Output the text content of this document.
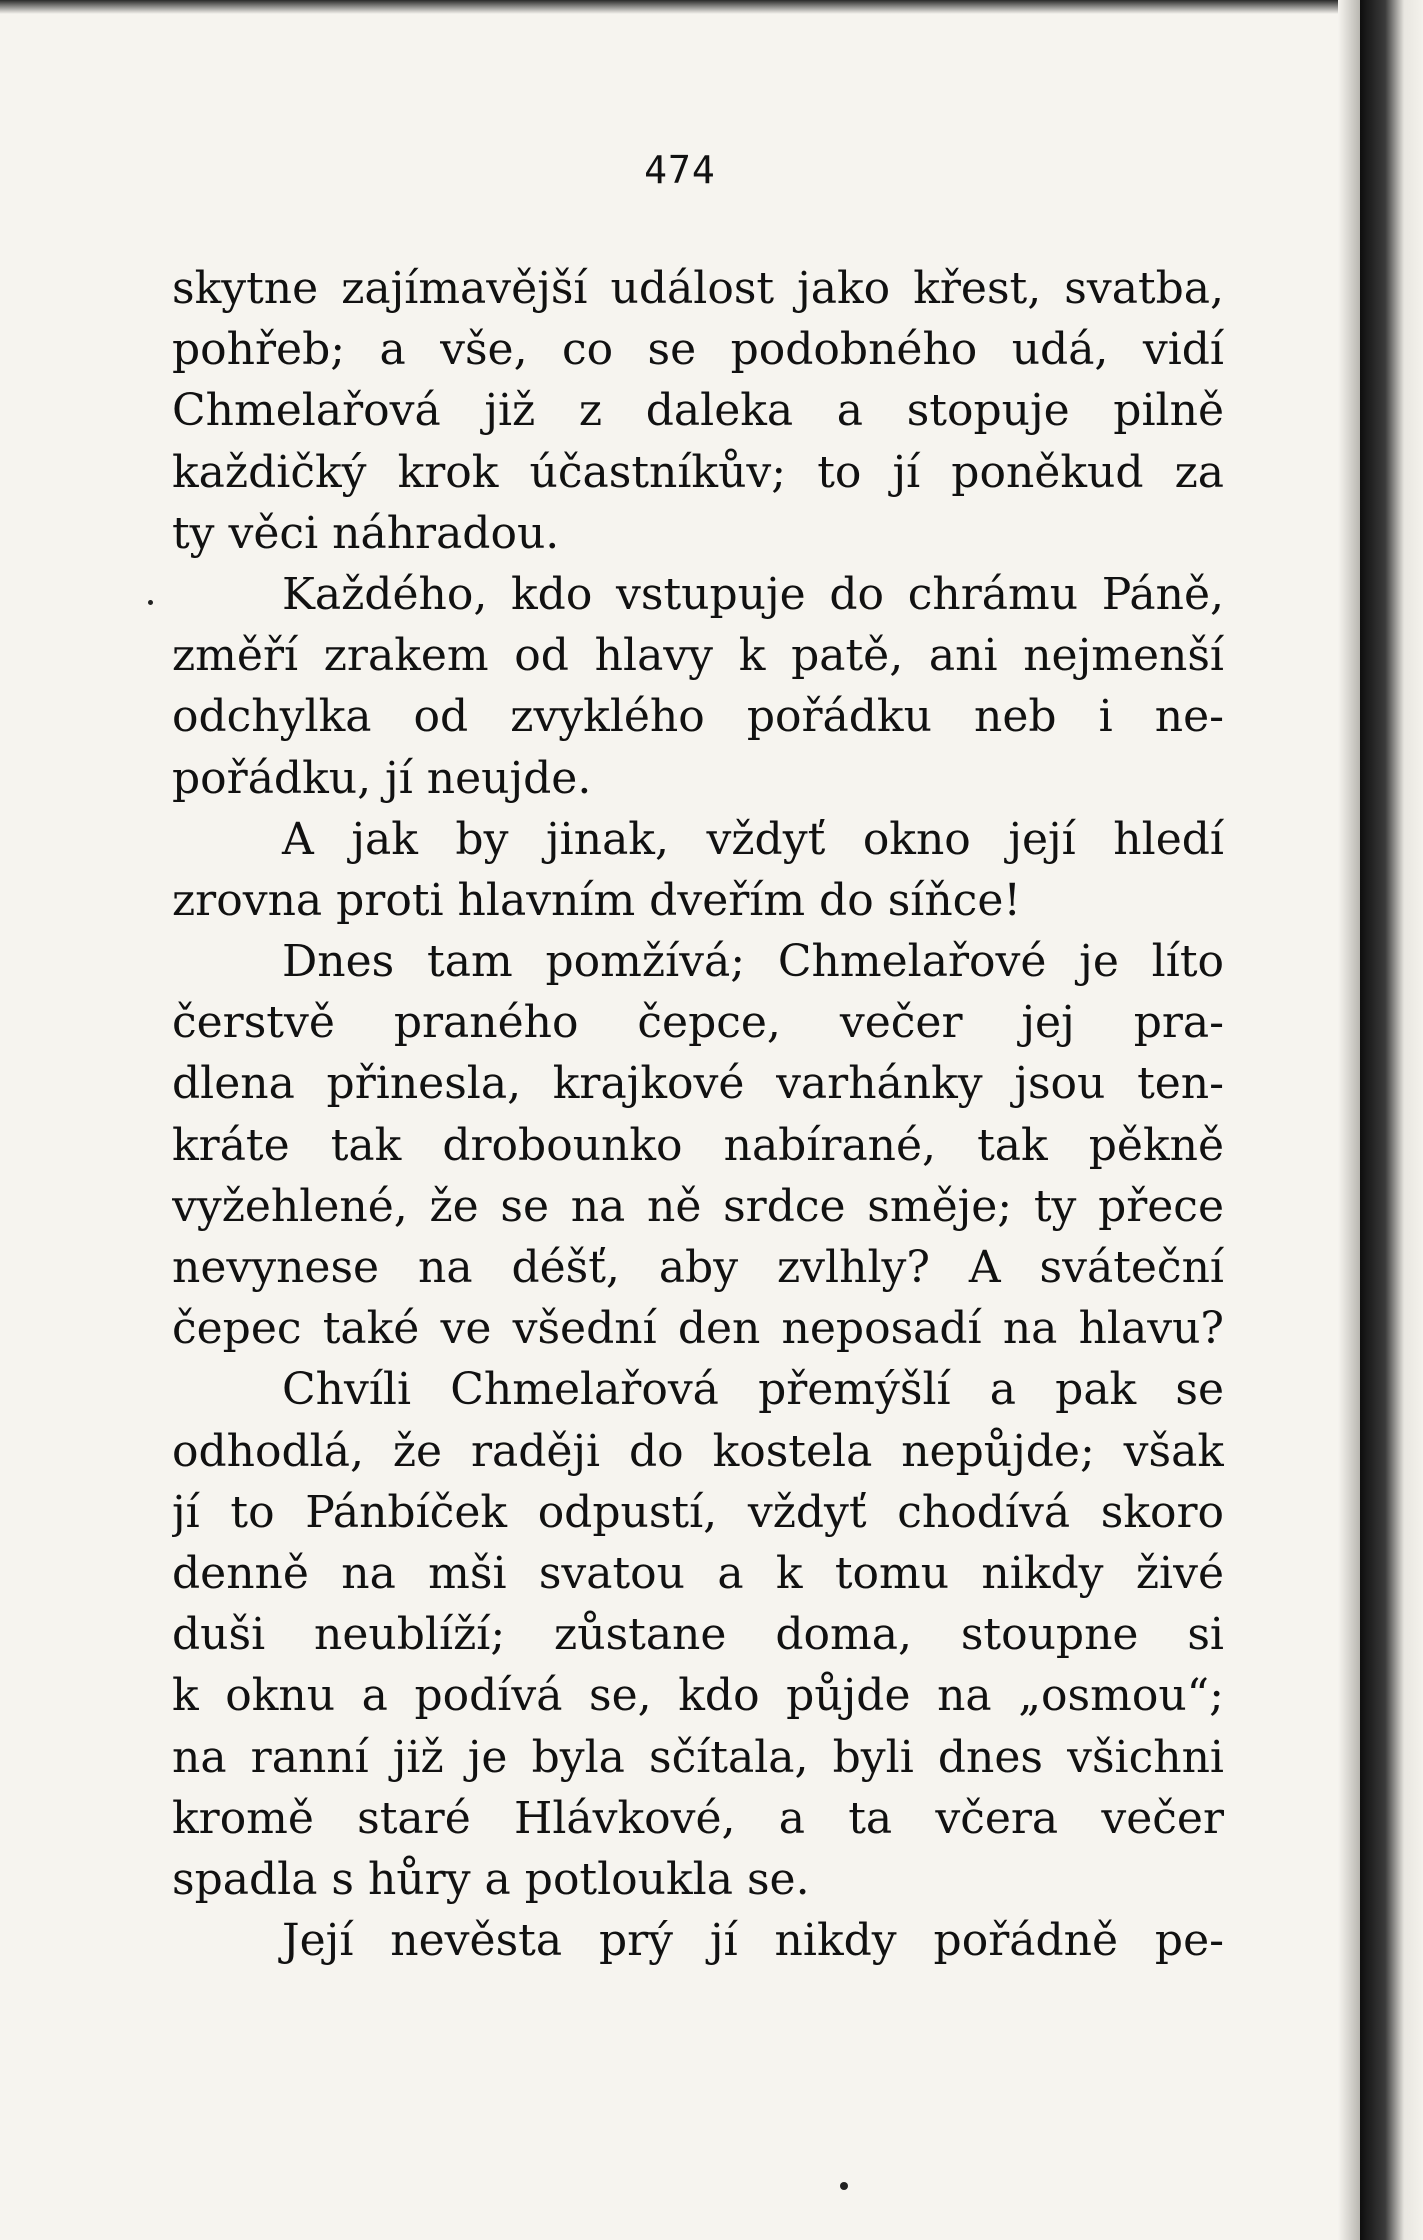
474
skytne zajímavější událost jako křest, svatba,
pohřeb; a vše, co se podobného udá, vidí
Chmelařová již z daleka a stopuje pilně
každičký krok účastníkův; to jí poněkud za
ty věci náhradou.
Každého, kdo vstupuje do chrámu Páně,
změří zrakem od hlavy k patě, ani nejmenší
odchylka od zvyklého pořádku neb i ne-
pořádku, jí neujde.
A jak by jinak, vždyť okno její hledí
zrovna proti hlavním dveřím do síňce!
Dnes tam pomžívá; Chmelařové je líto
čerstvě praného čepce, večer jej pra-
dlena přinesla, krajkové varhánky jsou ten-
kráte tak drobounko nabírané, tak pěkně
vyžehlené, že se na ně srdce směje; ty přece
nevynese na déšť, aby zvlhly? A sváteční
čepec také ve všední den neposadí na hlavu?
Chvíli Chmelařová přemýšlí a pak se
odhodlá, že raději do kostela nepůjde; však
jí to Pánbíček odpustí, vždyť chodívá skoro
denně na mši svatou a k tomu nikdy živé
duši neublíží; zůstane doma, stoupne si
k oknu a podívá se, kdo půjde na „osmou“;
na ranní již je byla sčítala, byli dnes všichni
kromě staré Hlávkové, a ta včera večer
spadla s hůry a potloukla se.
Její nevěsta prý jí nikdy pořádně pe-
